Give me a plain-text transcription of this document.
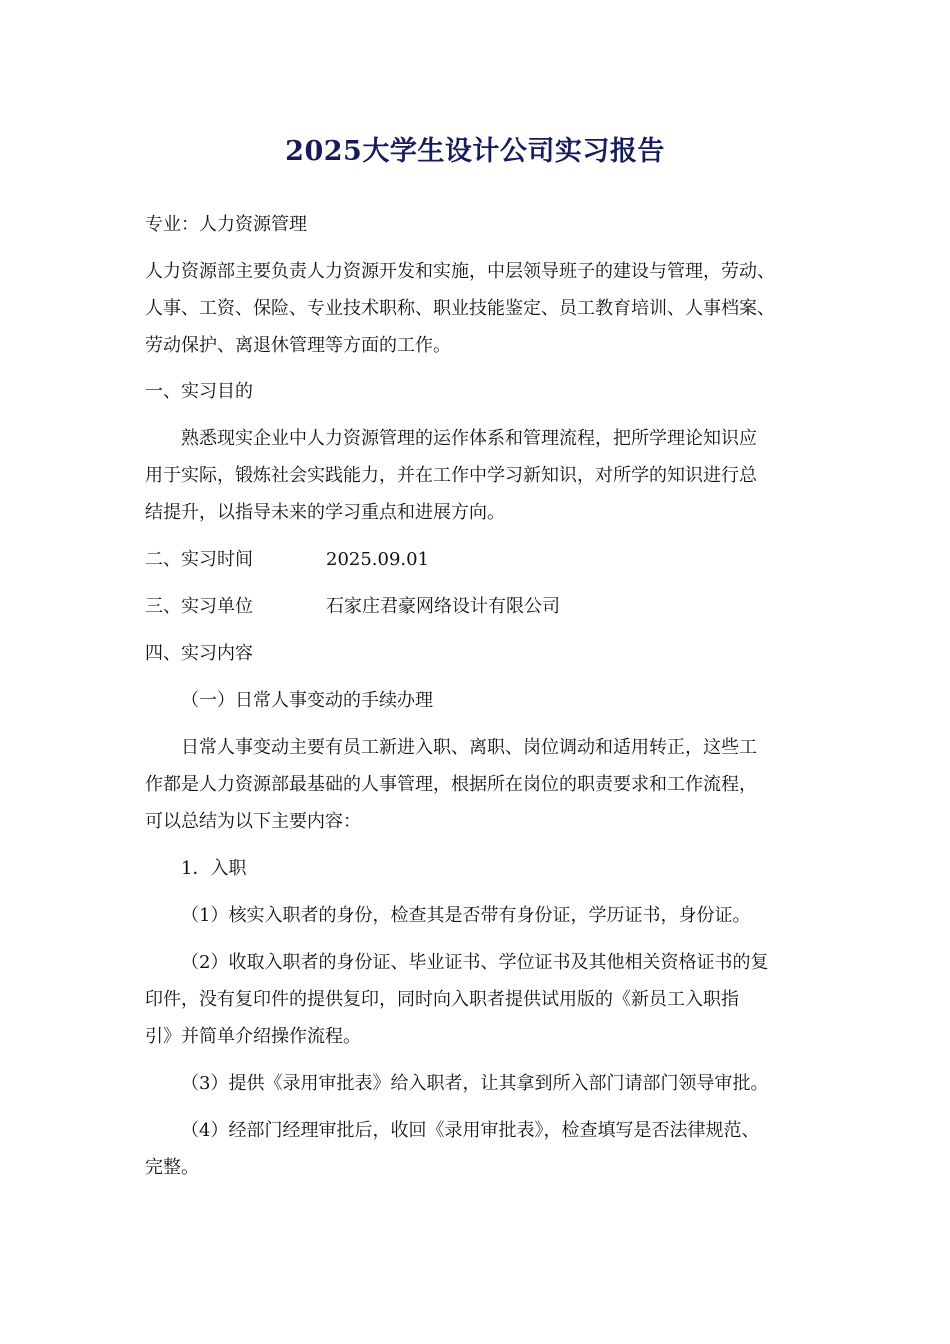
2025大学生设计公司实习报告

专业：人力资源管理

人力资源部主要负责人力资源开发和实施，中层领导班子的建设与管理，劳动、

人事、工资、保险、专业技术职称、职业技能鉴定、员工教育培训、人事档案、

劳动保护、离退休管理等方面的工作。

一、实习目的

熟悉现实企业中人力资源管理的运作体系和管理流程，把所学理论知识应

用于实际，锻炼社会实践能力，并在工作中学习新知识，对所学的知识进行总

结提升，以指导未来的学习重点和进展方向。

二、实习时间	2025.09.01

三、实习单位	石家庄君豪网络设计有限公司

四、实习内容

（一）日常人事变动的手续办理

日常人事变动主要有员工新进入职、离职、岗位调动和适用转正，这些工

作都是人力资源部最基础的人事管理，根据所在岗位的职责要求和工作流程，

可以总结为以下主要内容：

1．入职

（1）核实入职者的身份，检查其是否带有身份证，学历证书，身份证。

（2）收取入职者的身份证、毕业证书、学位证书及其他相关资格证书的复

印件，没有复印件的提供复印，同时向入职者提供试用版的《新员工入职指

引》并简单介绍操作流程。

（3）提供《录用审批表》给入职者，让其拿到所入部门请部门领导审批。

（4）经部门经理审批后，收回《录用审批表》，检查填写是否法律规范、

完整。
